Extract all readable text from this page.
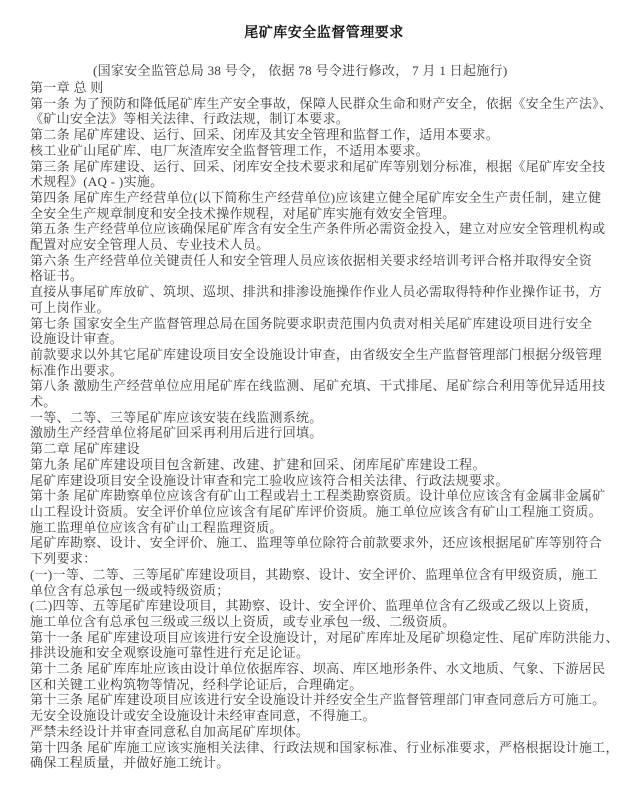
尾矿库安全监督管理要求
(国家安全监管总局 38 号令， 依据 78 号令进行修改， 7 月 1 日起施行)
第一章 总 则
第一条 为了预防和降低尾矿库生产安全事故，保障人民群众生命和财产安全，依据《安全生产法》、
《矿山安全法》等相关法律、行政法规，制订本要求。
第二条 尾矿库建设、运行、回采、闭库及其安全管理和监督工作，适用本要求。
核工业矿山尾矿库、电厂灰渣库安全监督管理工作，不适用本要求。
第三条 尾矿库建设、运行、回采、闭库安全技术要求和尾矿库等别划分标准，根据《尾矿库安全技
术规程》(AQ - )实施。
第四条 尾矿库生产经营单位(以下简称生产经营单位)应该建立健全尾矿库安全生产责任制，建立健
全安全生产规章制度和安全技术操作规程，对尾矿库实施有效安全管理。
第五条 生产经营单位应该确保尾矿库含有安全生产条件所必需资金投入，建立对应安全管理机构或
配置对应安全管理人员、专业技术人员。
第六条 生产经营单位关键责任人和安全管理人员应该依据相关要求经培训考评合格并取得安全资
格证书。
直接从事尾矿库放矿、筑坝、巡坝、排洪和排渗设施操作作业人员必需取得特种作业操作证书，方
可上岗作业。
第七条 国家安全生产监督管理总局在国务院要求职责范围内负责对相关尾矿库建设项目进行安全
设施设计审查。
前款要求以外其它尾矿库建设项目安全设施设计审查，由省级安全生产监督管理部门根据分级管理
标准作出要求。
第八条 激励生产经营单位应用尾矿库在线监测、尾矿充填、干式排尾、尾矿综合利用等优异适用技
术。
一等、二等、三等尾矿库应该安装在线监测系统。
激励生产经营单位将尾矿回采再利用后进行回填。
第二章 尾矿库建设
第九条 尾矿库建设项目包含新建、改建、扩建和回采、闭库尾矿库建设工程。
尾矿库建设项目安全设施设计审查和完工验收应该符合相关法律、行政法规要求。
第十条 尾矿库勘察单位应该含有矿山工程或岩土工程类勘察资质。设计单位应该含有金属非金属矿
山工程设计资质。安全评价单位应该含有尾矿库评价资质。施工单位应该含有矿山工程施工资质。
施工监理单位应该含有矿山工程监理资质。
尾矿库勘察、设计、安全评价、施工、监理等单位除符合前款要求外，还应该根据尾矿库等别符合
下列要求：
(一)一等、二等、三等尾矿库建设项目，其勘察、设计、安全评价、监理单位含有甲级资质，施工
单位含有总承包一级或特级资质；
(二)四等、五等尾矿库建设项目，其勘察、设计、安全评价、监理单位含有乙级或乙级以上资质，
施工单位含有总承包三级或三级以上资质，或专业承包一级、二级资质。
第十一条 尾矿库建设项目应该进行安全设施设计，对尾矿库库址及尾矿坝稳定性、尾矿库防洪能力、
排洪设施和安全观察设施可靠性进行充足论证。
第十二条 尾矿库库址应该由设计单位依据库容、坝高、库区地形条件、水文地质、气象、下游居民
区和关键工业构筑物等情况，经科学论证后，合理确定。
第十三条 尾矿库建设项目应该进行安全设施设计并经安全生产监督管理部门审查同意后方可施工。
无安全设施设计或安全设施设计未经审查同意，不得施工。
严禁未经设计并审查同意私自加高尾矿库坝体。
第十四条 尾矿库施工应该实施相关法律、行政法规和国家标准、行业标准要求，严格根据设计施工，
确保工程质量，并做好施工统计。
